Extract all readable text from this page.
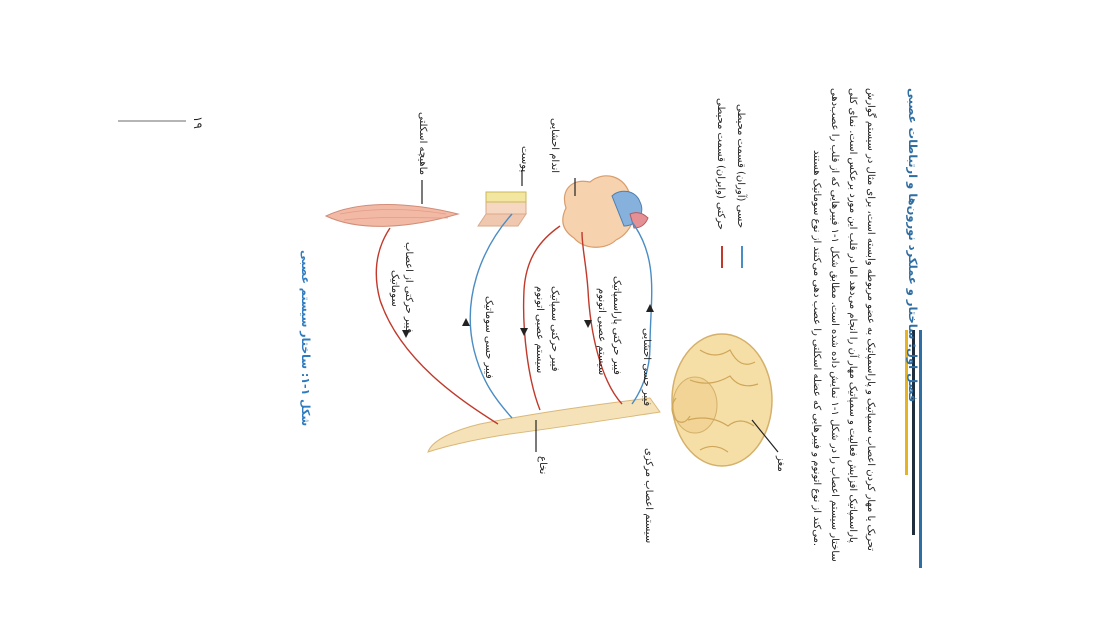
فصل اول: ساختار و عملکرد نورون‌ها و ارتباطات عصبی
تحریک یا مهار کردن اعصاب سمپاتیک و پاراسمپاتیک به عضو مربوطه وابسته است، برای مثال در سیستم گوارش
پاراسمپاتیک افزایش فعالیت و سمپاتیک مهار آن را انجام می‌دهد اما در قلب این مورد برعکس است. نمای کلی
ساختار سیستم اعصاب را در شکل ۱-۱ نمایش داده شده است. مطابق شکل ۱-۱ فیبرهایی که از قلب را عصب‌دهی
می‌کند از نوع اتونوم و فیبرهایی که عضله اسکلتی را عصب دهی می‌کنند از نوع سوماتیک هستند.
حسی (آوران) قسمت محیطی
حرکتی (وابران) قسمت محیطی
مغز
سیستم اعصاب مرکزی
نخاع
اندام احشایی
پوست
ماهیچه اسکلتی
فیبر حسی احشایی
فیبر حرکتی پاراسمپاتیک
سیستم عصبی اتونوم
فیبر حرکتی سمپاتیک
سیستم عصبی اتونوم
فیبر حسی سوماتیک
فیبر حرکتی از اعصاب
سوماتیک
شکل ۱-۱: ساختار سیستم عصبی
۱۹
